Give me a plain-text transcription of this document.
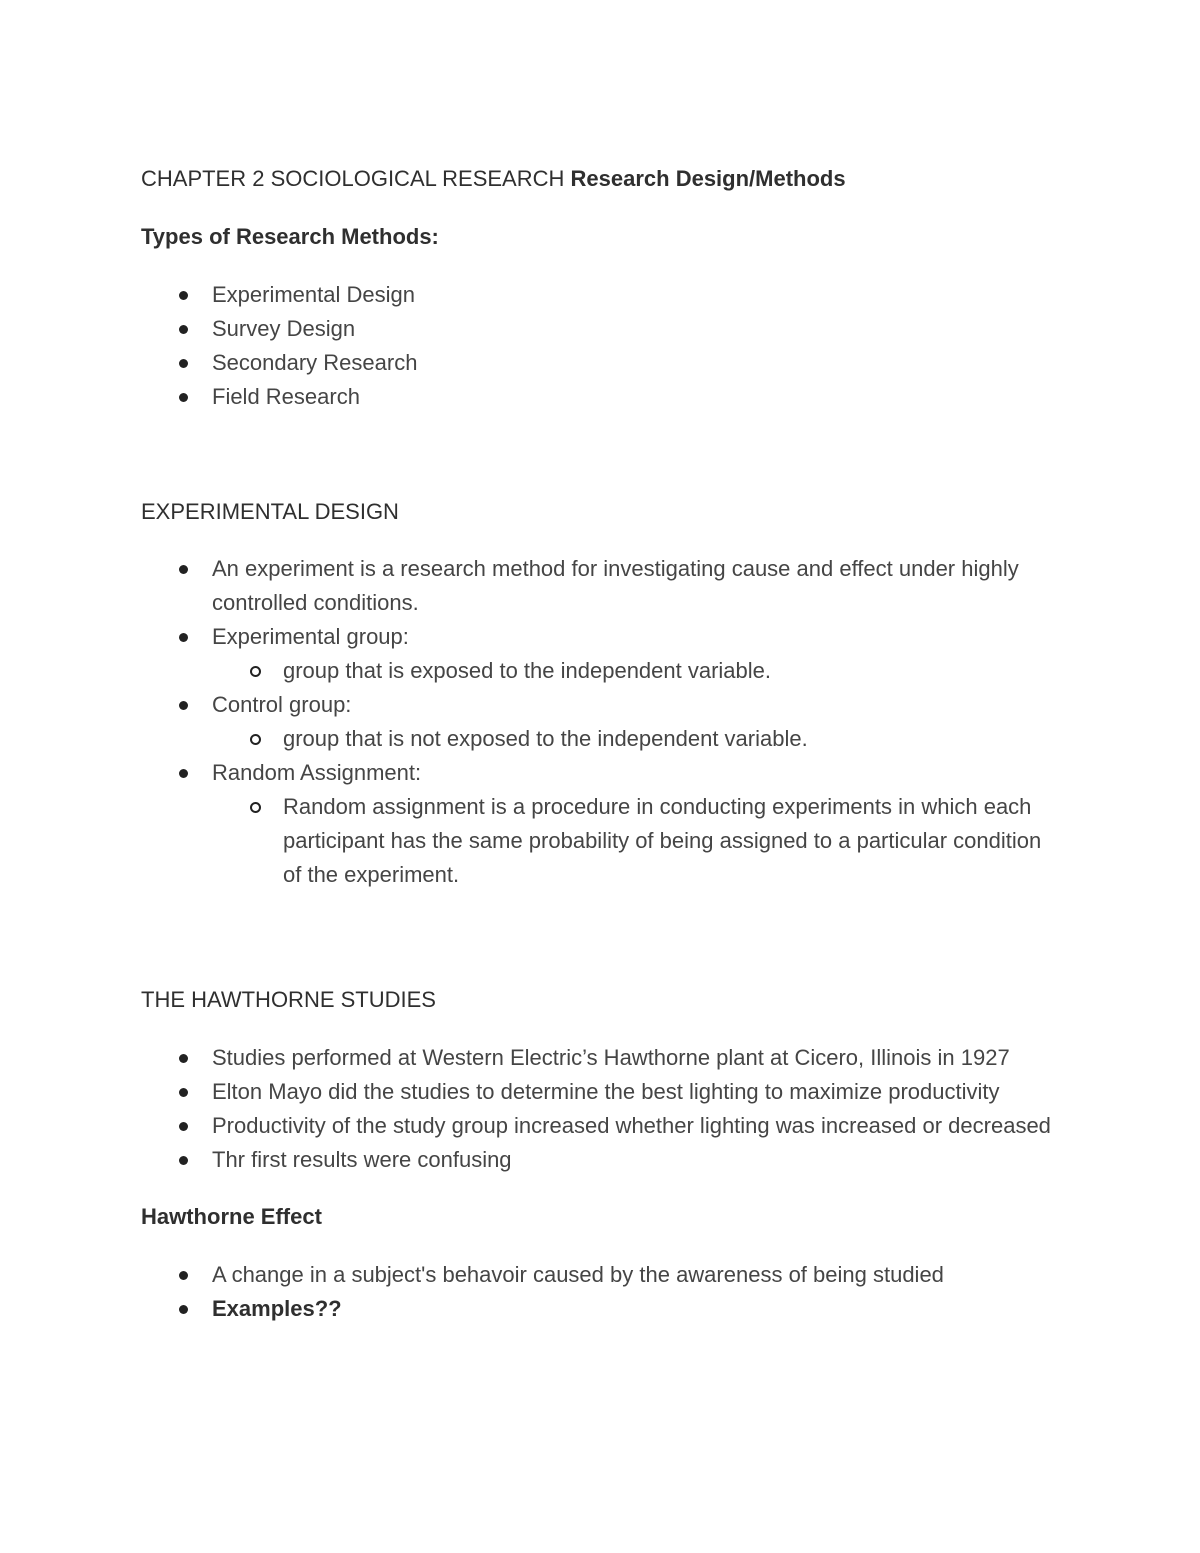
CHAPTER 2 SOCIOLOGICAL RESEARCH Research Design/Methods
Types of Research Methods:
Experimental Design
Survey Design
Secondary Research
Field Research
EXPERIMENTAL DESIGN
An experiment is a research method for investigating cause and effect under highly controlled conditions.
Experimental group:
group that is exposed to the independent variable.
Control group:
group that is not exposed to the independent variable.
Random Assignment:
Random assignment is a procedure in conducting experiments in which each participant has the same probability of being assigned to a particular condition of the experiment.
THE HAWTHORNE STUDIES
Studies performed at Western Electric’s Hawthorne plant at Cicero, Illinois in 1927
Elton Mayo did the studies to determine the best lighting to maximize productivity
Productivity of the study group increased whether lighting was increased or decreased
Thr first results were confusing
Hawthorne Effect
A change in a subject's behavoir caused by the awareness of being studied
Examples??
